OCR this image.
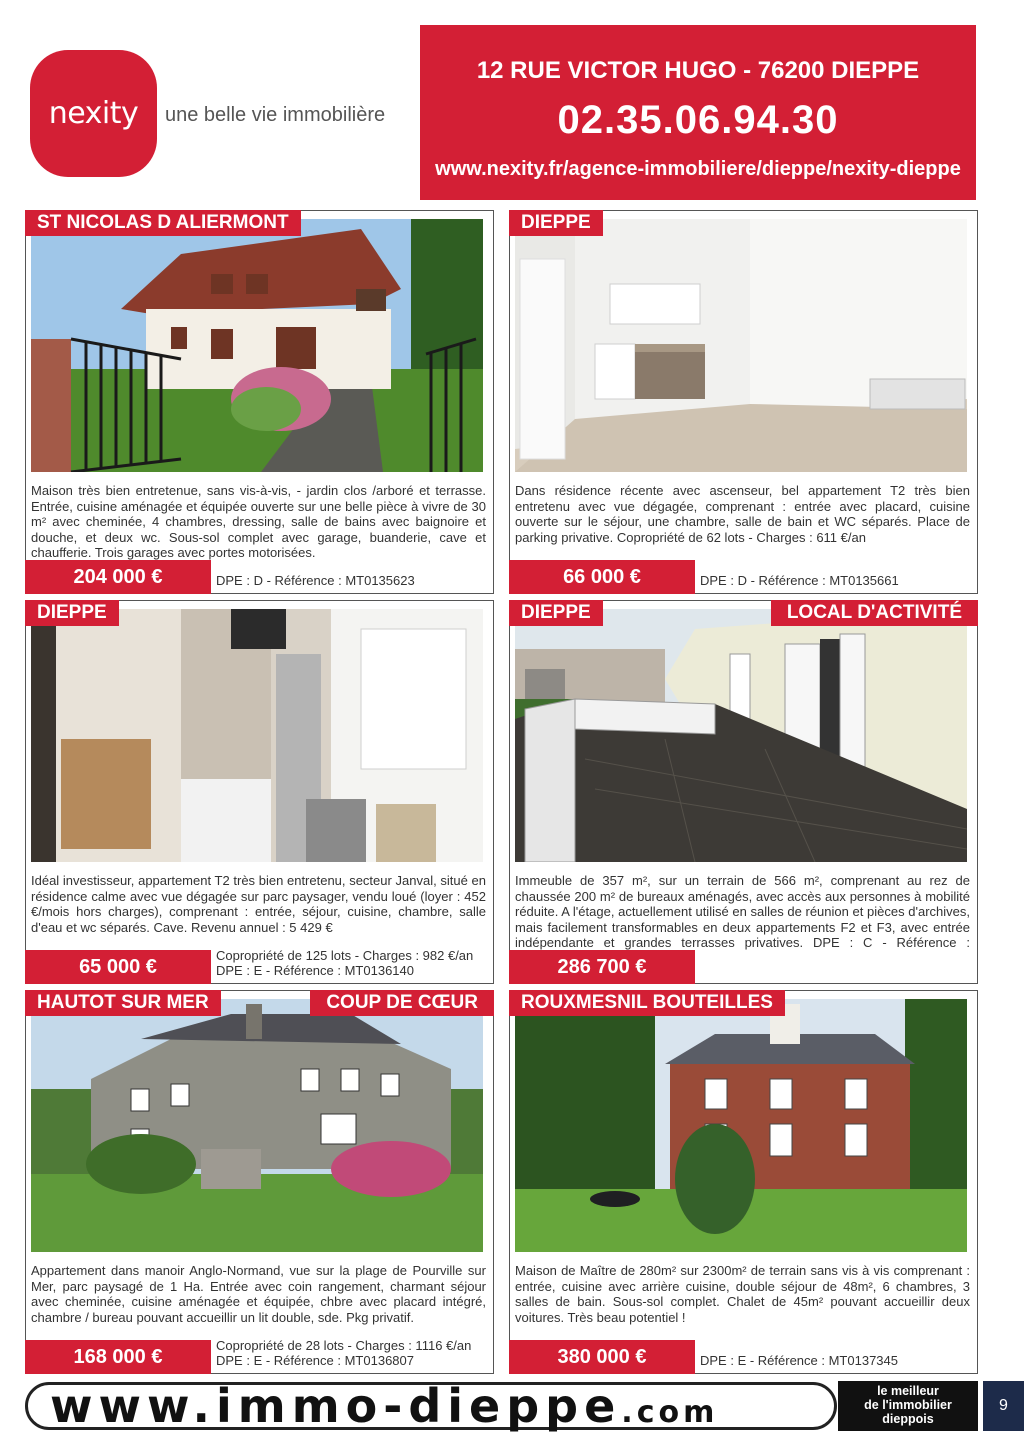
nexity une belle vie immobilière
12 RUE VICTOR HUGO - 76200 DIEPPE
02.35.06.94.30
www.nexity.fr/agence-immobiliere/dieppe/nexity-dieppe
Maison très bien entretenue, sans vis-à-vis, - jardin clos /arboré et terrasse. Entrée, cuisine aménagée et équipée ouverte sur une belle pièce à vivre de 30 m² avec cheminée, 4 chambres, dressing, salle de bains avec baignoire et douche, et deux wc. Sous-sol complet avec garage, buanderie, cave et chaufferie. Trois garages avec portes motorisées.
ST NICOLAS D ALIERMONT
DPE : D - Référence : MT0135623
204 000 €
Dans résidence récente avec ascenseur, bel appartement T2 très bien entretenu avec vue dégagée, comprenant : entrée avec placard, cuisine ouverte sur le séjour, une chambre, salle de bain et WC séparés. Place de parking privative. Copropriété de 62 lots - Charges : 611 €/an
DIEPPE
DPE : D - Référence : MT0135661
66 000 €
Idéal investisseur, appartement T2 très bien entretenu, secteur Janval, situé en résidence calme avec vue dégagée sur parc paysager, vendu loué (loyer : 452 €/mois hors charges), comprenant : entrée, séjour, cuisine, chambre, salle d'eau et wc séparés. Cave. Revenu annuel : 5 429 €
DIEPPE
Copropriété de 125 lots - Charges : 982 €/an
DPE : E - Référence : MT0136140
65 000 €
Immeuble de 357 m², sur un terrain de 566 m², comprenant au rez de chaussée 200 m² de bureaux aménagés, avec accès aux personnes à mobilité réduite. A l'étage, actuellement utilisé en salles de réunion et pièces d'archives, mais facilement transformables en deux appartements F2 et F3, avec entrée indépendante et grandes terrasses privatives. DPE : C - Référence :
DIEPPE	LOCAL D'ACTIVITÉ
286 700 €
Appartement dans manoir Anglo-Normand, vue sur la plage de Pourville sur Mer, parc paysagé de 1 Ha. Entrée avec coin rangement, charmant séjour avec cheminée, cuisine aménagée et équipée, chbre avec placard intégré, chambre / bureau pouvant accueillir un lit double, sde. Pkg privatif.
HAUTOT SUR MER	COUP DE CŒUR
Copropriété de 28 lots - Charges : 1116 €/an
DPE : E - Référence : MT0136807
168 000 €
Maison de Maître de 280m² sur 2300m² de terrain sans vis à vis comprenant : entrée, cuisine avec arrière cuisine, double séjour de 48m², 6 chambres, 3 salles de bain. Sous-sol complet. Chalet de 45m² pouvant accueillir deux voitures. Très beau potentiel !
ROUXMESNIL BOUTEILLES
DPE : E - Référence : MT0137345
380 000 €
www.immo-dieppe.com
le meilleur
de l'immobilier
dieppois
9
